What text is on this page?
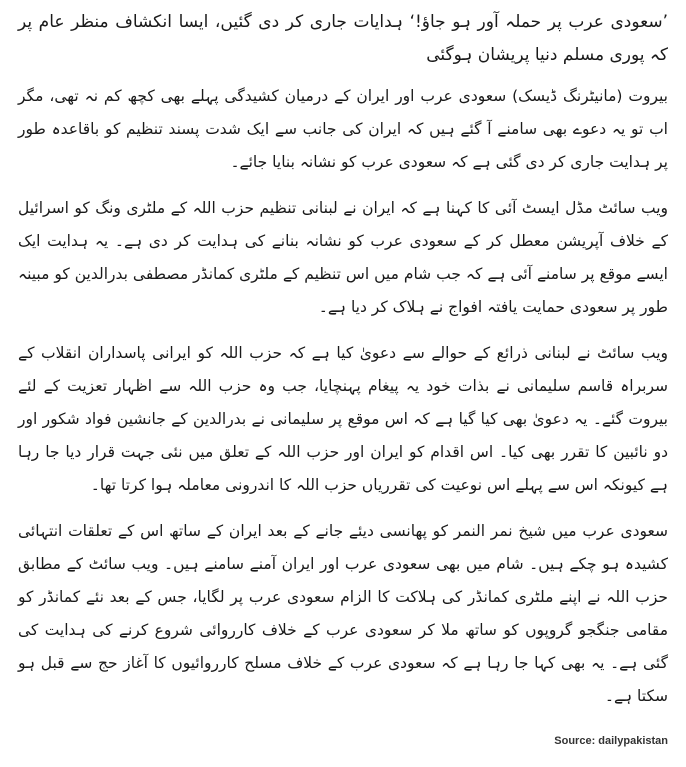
’سعودی عرب پر حملہ آور ہو جاؤ!‘ ہدایات جاری کر دی گئیں، ایسا انکشاف منظر عام پر کہ پوری مسلم دنیا پریشان ہوگئی

بیروت (مانیٹرنگ ڈیسک) سعودی عرب اور ایران کے درمیان کشیدگی پہلے بھی کچھ کم نہ تھی، مگر اب تو یہ دعوے بھی سامنے آ گئے ہیں کہ ایران کی جانب سے ایک شدت پسند تنظیم کو باقاعدہ طور پر ہدایت جاری کر دی گئی ہے کہ سعودی عرب کو نشانہ بنایا جائے۔

ویب سائٹ مڈل ایسٹ آئی کا کہنا ہے کہ ایران نے لبنانی تنظیم حزب اللہ کے ملٹری ونگ کو اسرائیل کے خلاف آپریشن معطل کر کے سعودی عرب کو نشانہ بنانے کی ہدایت کر دی ہے۔ یہ ہدایت ایک ایسے موقع پر سامنے آئی ہے کہ جب شام میں اس تنظیم کے ملٹری کمانڈر مصطفی بدرالدین کو مبینہ طور پر سعودی حمایت یافتہ افواج نے ہلاک کر دیا ہے۔

ویب سائٹ نے لبنانی ذرائع کے حوالے سے دعویٰ کیا ہے کہ حزب اللہ کو ایرانی پاسداران انقلاب کے سربراہ قاسم سلیمانی نے بذات خود یہ پیغام پہنچایا، جب وہ حزب اللہ سے اظہار تعزیت کے لئے بیروت گئے۔ یہ دعویٰ بھی کیا گیا ہے کہ اس موقع پر سلیمانی نے بدرالدین کے جانشین فواد شکور اور دو نائبین کا تقرر بھی کیا۔ اس اقدام کو ایران اور حزب اللہ کے تعلق میں نئی جہت قرار دیا جا رہا ہے کیونکہ اس سے پہلے اس نوعیت کی تقرریاں حزب اللہ کا اندرونی معاملہ ہوا کرتا تھا۔

سعودی عرب میں شیخ نمر النمر کو پھانسی دیئے جانے کے بعد ایران کے ساتھ اس کے تعلقات انتہائی کشیدہ ہو چکے ہیں۔ شام میں بھی سعودی عرب اور ایران آمنے سامنے ہیں۔ ویب سائٹ کے مطابق حزب اللہ نے اپنے ملٹری کمانڈر کی ہلاکت کا الزام سعودی عرب پر لگایا، جس کے بعد نئے کمانڈر کو مقامی جنگجو گروپوں کو ساتھ ملا کر سعودی عرب کے خلاف کارروائی شروع کرنے کی ہدایت کی گئی ہے۔ یہ بھی کہا جا رہا ہے کہ سعودی عرب کے خلاف مسلح کارروائیوں کا آغاز حج سے قبل ہو سکتا ہے۔

Source: dailypakistan
